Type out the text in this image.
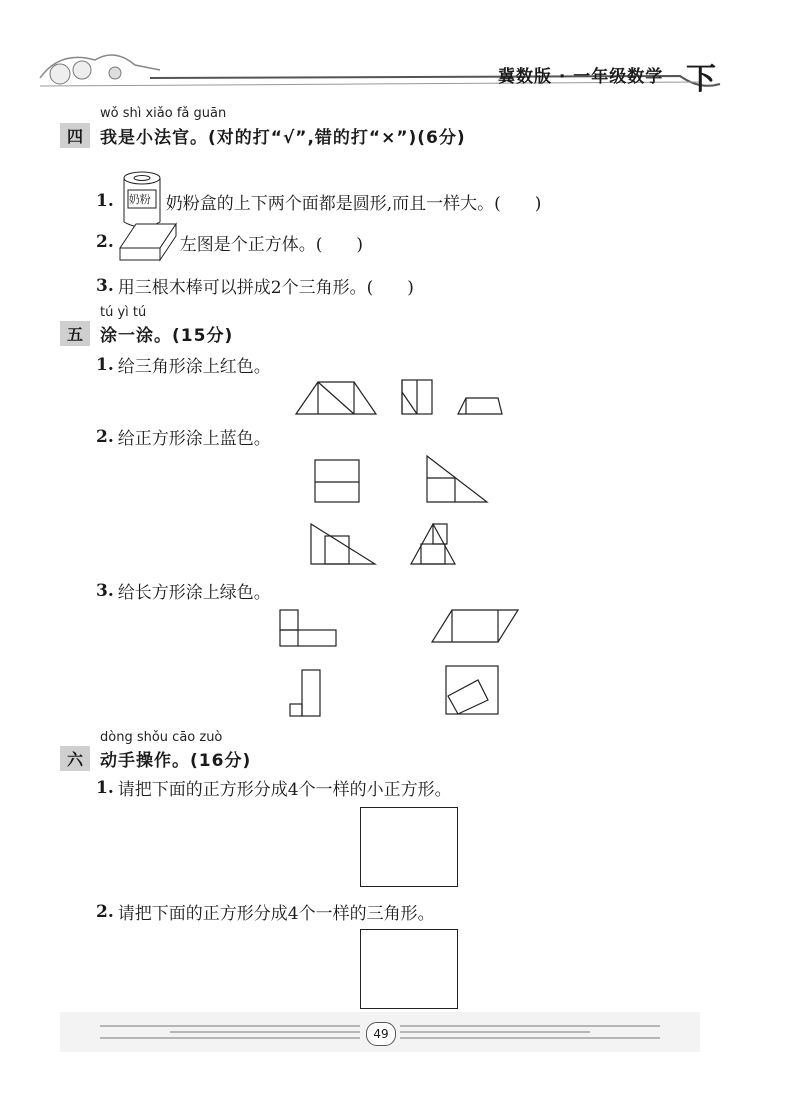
冀数版 · 一年级数学 下
wǒ shì xiǎo fǎ guān
四	我是小法官。(对的打“√”,错的打“×”)(6分)
1. 奶粉 奶粉盒的上下两个面都是圆形,而且一样大。(　　)
2.	左图是个正方体。(　　)
3. 用三根木棒可以拼成2个三角形。(　　)
tú yì tú
五	涂一涂。(15分)
1. 给三角形涂上红色。
2. 给正方形涂上蓝色。
3. 给长方形涂上绿色。
dòng shǒu cāo zuò
六	动手操作。(16分)
1. 请把下面的正方形分成4个一样的小正方形。
2. 请把下面的正方形分成4个一样的三角形。
49
